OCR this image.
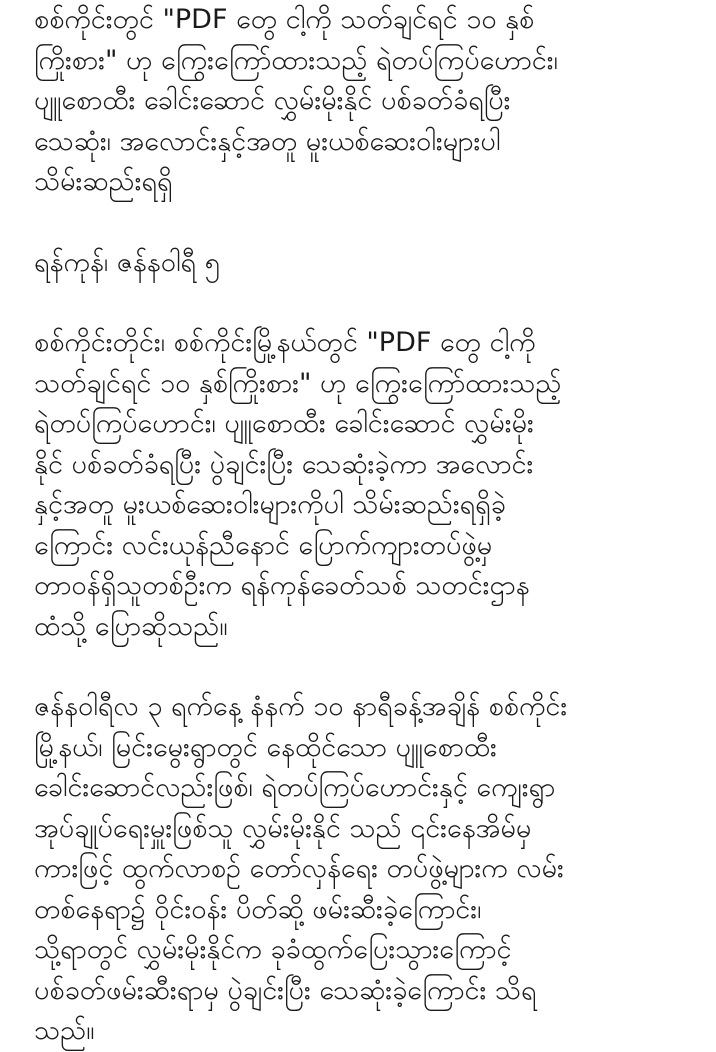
စစ်ကိုင်းတွင် "PDF တွေ ငါ့ကို သတ်ချင်ရင် ၁၀ နှစ်
ကြိုးစား" ဟု ကြွေးကြော်ထားသည့် ရဲတပ်ကြပ်ဟောင်း၊
ပျူစောထီး ခေါင်းဆောင် လွှမ်းမိုးနိုင် ပစ်ခတ်ခံရပြီး
သေဆုံး၊ အလောင်းနှင့်အတူ မူးယစ်ဆေးဝါးများပါ
သိမ်းဆည်းရရှိ

ရန်ကုန်၊ ဇန်နဝါရီ ၅

စစ်ကိုင်းတိုင်း၊ စစ်ကိုင်းမြို့နယ်တွင် "PDF တွေ ငါ့ကို
သတ်ချင်ရင် ၁၀ နှစ်ကြိုးစား" ဟု ကြွေးကြော်ထားသည့်
ရဲတပ်ကြပ်ဟောင်း၊ ပျူစောထီး ခေါင်းဆောင် လွှမ်းမိုး
နိုင် ပစ်ခတ်ခံရပြီး ပွဲချင်းပြီး သေဆုံးခဲ့ကာ အလောင်း
နှင့်အတူ မူးယစ်ဆေးဝါးများကိုပါ သိမ်းဆည်းရရှိခဲ့
ကြောင်း လင်းယုန်ညီနောင် ပြောက်ကျားတပ်ဖွဲ့မှ
တာဝန်ရှိသူတစ်ဦးက ရန်ကုန်ခေတ်သစ် သတင်းဌာန
ထံသို့ ပြောဆိုသည်။

ဇန်နဝါရီလ ၃ ရက်နေ့ နံနက် ၁၀ နာရီခန့်အချိန် စစ်ကိုင်း
မြို့နယ်၊ မြင်းမွေးရွာတွင် နေထိုင်သော ပျူစောထီး
ခေါင်းဆောင်လည်းဖြစ်၊ ရဲတပ်ကြပ်ဟောင်းနှင့် ကျေးရွာ
အုပ်ချုပ်ရေးမှူးဖြစ်သူ လွှမ်းမိုးနိုင် သည် ၎င်းနေအိမ်မှ
ကားဖြင့် ထွက်လာစဉ် တော်လှန်ရေး တပ်ဖွဲ့များက လမ်း
တစ်နေရာ၌ ဝိုင်းဝန်း ပိတ်ဆို့ ဖမ်းဆီးခဲ့ကြောင်း၊
သို့ရာတွင် လွှမ်းမိုးနိုင်က ခုခံထွက်ပြေးသွားကြောင့်
ပစ်ခတ်ဖမ်းဆီးရာမှ ပွဲချင်းပြီး သေဆုံးခဲ့ကြောင်း သိရ
သည်။
